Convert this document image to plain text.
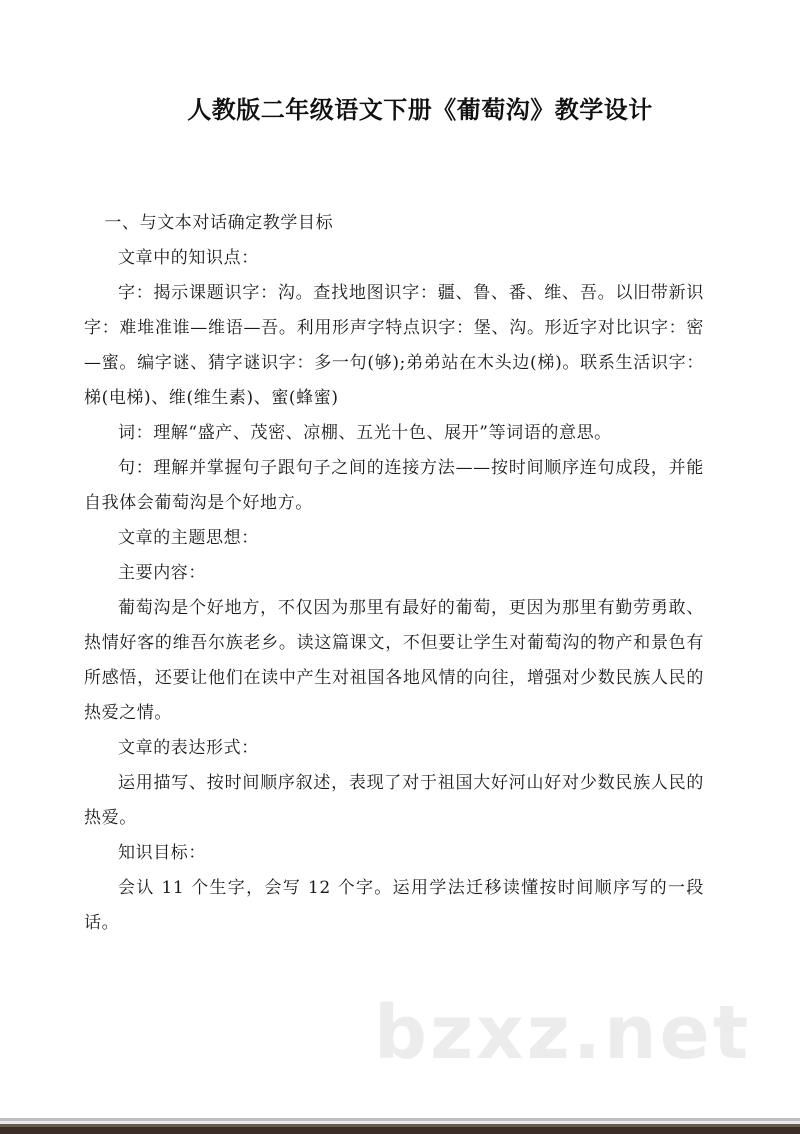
人教版二年级语文下册《葡萄沟》教学设计

一、与文本对话确定教学目标

文章中的知识点：

字：揭示课题识字：沟。查找地图识字：疆、鲁、番、维、吾。以旧带新识字：难堆准谁—维语—吾。利用形声字特点识字：堡、沟。形近字对比识字：密—蜜。编字谜、猜字谜识字：多一句(够);弟弟站在木头边(梯)。联系生活识字：梯(电梯)、维(维生素)、蜜(蜂蜜)

词：理解“盛产、茂密、凉棚、五光十色、展开”等词语的意思。

句：理解并掌握句子跟句子之间的连接方法——按时间顺序连句成段，并能自我体会葡萄沟是个好地方。

文章的主题思想：

主要内容：

葡萄沟是个好地方，不仅因为那里有最好的葡萄，更因为那里有勤劳勇敢、热情好客的维吾尔族老乡。读这篇课文，不但要让学生对葡萄沟的物产和景色有所感悟，还要让他们在读中产生对祖国各地风情的向往，增强对少数民族人民的热爱之情。

文章的表达形式：

运用描写、按时间顺序叙述，表现了对于祖国大好河山好对少数民族人民的热爱。

知识目标：

会认 11 个生字，会写 12 个字。运用学法迁移读懂按时间顺序写的一段话。

bzxz.net
